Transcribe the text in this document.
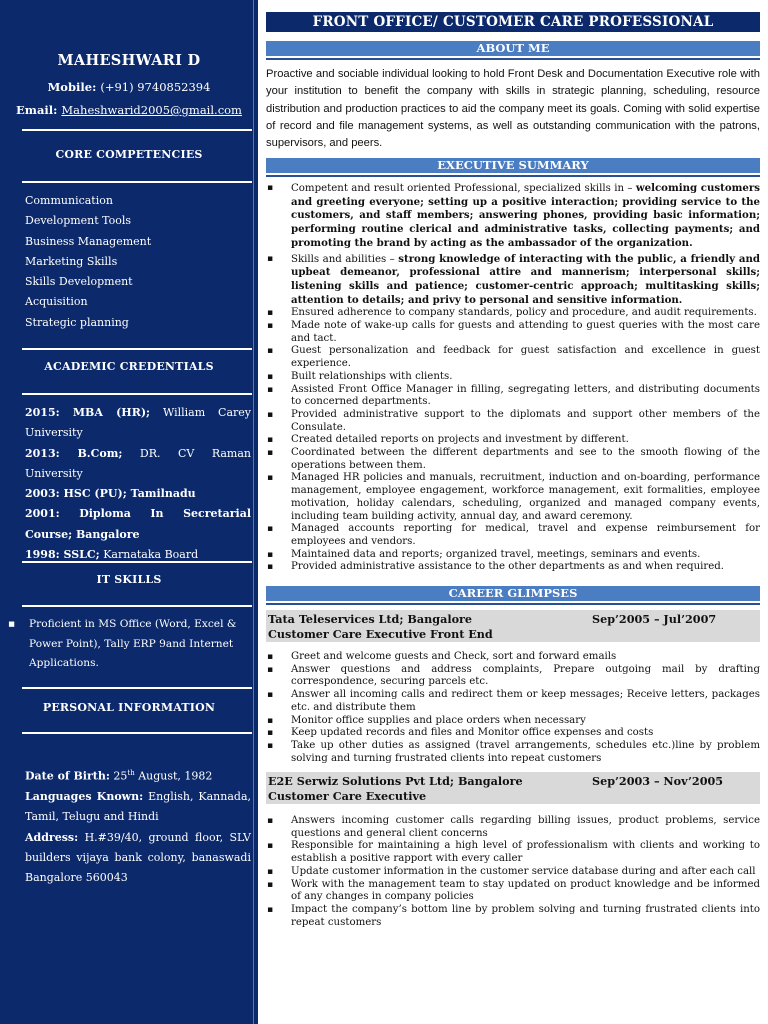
MAHESHWARI D
Mobile: (+91) 9740852394
Email: Maheshwarid2005@gmail.com
CORE COMPETENCIES
Communication
Development Tools
Business Management
Marketing Skills
Skills Development
Acquisition
Strategic planning
ACADEMIC CREDENTIALS
2015: MBA (HR); William Carey University
2013: B.Com; DR. CV Raman University
2003: HSC (PU); Tamilnadu
2001: Diploma In Secretarial Course; Bangalore
1998: SSLC; Karnataka Board
IT SKILLS
▪ Proficient in MS Office (Word, Excel & Power Point), Tally ERP 9and Internet Applications.
PERSONAL INFORMATION
Date of Birth: 25th August, 1982
Languages Known: English, Kannada, Tamil, Telugu and Hindi
Address: H.#39/40, ground floor, SLV builders vijaya bank colony, banaswadi Bangalore 560043
FRONT OFFICE/ CUSTOMER CARE PROFESSIONAL
ABOUT ME
Proactive and sociable individual looking to hold Front Desk and Documentation Executive role with your institution to benefit the company with skills in strategic planning, scheduling, resource distribution and production practices to aid the company meet its goals. Coming with solid expertise of record and file management systems, as well as outstanding communication with the patrons, supervisors, and peers.
EXECUTIVE SUMMARY
▪ Competent and result oriented Professional, specialized skills in – welcoming customers and greeting everyone; setting up a positive interaction; providing service to the customers, and staff members; answering phones, providing basic information; performing routine clerical and administrative tasks, collecting payments; and promoting the brand by acting as the ambassador of the organization.
▪ Skills and abilities – strong knowledge of interacting with the public, a friendly and upbeat demeanor, professional attire and mannerism; interpersonal skills; listening skills and patience; customer-centric approach; multitasking skills; attention to details; and privy to personal and sensitive information.
▪ Ensured adherence to company standards, policy and procedure, and audit requirements.
▪ Made note of wake-up calls for guests and attending to guest queries with the most care and tact.
▪ Guest personalization and feedback for guest satisfaction and excellence in guest experience.
▪ Built relationships with clients.
▪ Assisted Front Office Manager in filling, segregating letters, and distributing documents to concerned departments.
▪ Provided administrative support to the diplomats and support other members of the Consulate.
▪ Created detailed reports on projects and investment by different.
▪ Coordinated between the different departments and see to the smooth flowing of the operations between them.
▪ Managed HR policies and manuals, recruitment, induction and on-boarding, performance management, employee engagement, workforce management, exit formalities, employee motivation, holiday calendars, scheduling, organized and managed company events, including team building activity, annual day, and award ceremony.
▪ Managed accounts reporting for medical, travel and expense reimbursement for employees and vendors.
▪ Maintained data and reports; organized travel, meetings, seminars and events.
▪ Provided administrative assistance to the other departments as and when required.
CAREER GLIMPSES
Tata Teleservices Ltd; Bangalore	Sep’2005 – Jul’2007
Customer Care Executive Front End
▪ Greet and welcome guests and Check, sort and forward emails
▪ Answer questions and address complaints, Prepare outgoing mail by drafting correspondence, securing parcels etc.
▪ Answer all incoming calls and redirect them or keep messages; Receive letters, packages etc. and distribute them
▪ Monitor office supplies and place orders when necessary
▪ Keep updated records and files and Monitor office expenses and costs
▪ Take up other duties as assigned (travel arrangements, schedules etc.)line by problem solving and turning frustrated clients into repeat customers
E2E Serwiz Solutions Pvt Ltd; Bangalore	Sep’2003 – Nov’2005
Customer Care Executive
▪ Answers incoming customer calls regarding billing issues, product problems, service questions and general client concerns
▪ Responsible for maintaining a high level of professionalism with clients and working to establish a positive rapport with every caller
▪ Update customer information in the customer service database during and after each call
▪ Work with the management team to stay updated on product knowledge and be informed of any changes in company policies
▪ Impact the company’s bottom line by problem solving and turning frustrated clients into repeat customers
